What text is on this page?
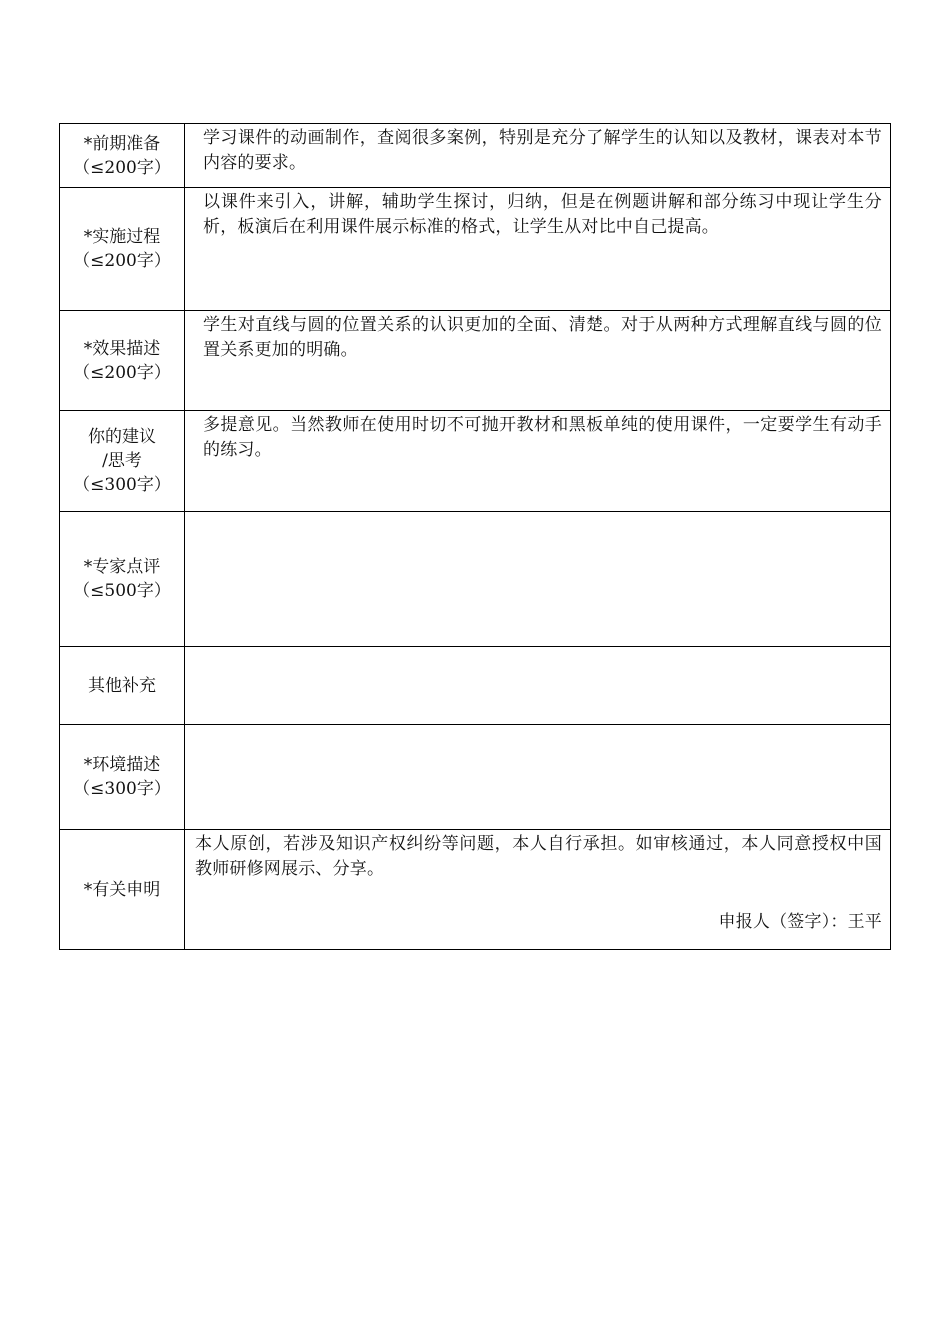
*前期准备
（≤200字）	学习课件的动画制作，查阅很多案例，特别是充分了解学生的认知以及教材，课表对本节内容的要求。

*实施过程
（≤200字）	以课件来引入，讲解，辅助学生探讨，归纳，但是在例题讲解和部分练习中现让学生分析，板演后在利用课件展示标准的格式，让学生从对比中自己提高。

*效果描述
（≤200字）	学生对直线与圆的位置关系的认识更加的全面、清楚。对于从两种方式理解直线与圆的位置关系更加的明确。

你的建议
/思考
（≤300字）	多提意见。当然教师在使用时切不可抛开教材和黑板单纯的使用课件，一定要学生有动手的练习。

*专家点评
（≤500字）	

其他补充	

*环境描述
（≤300字）	

*有关申明	本人原创，若涉及知识产权纠纷等问题，本人自行承担。如审核通过，本人同意授权中国教师研修网展示、分享。
申报人（签字）：王平
